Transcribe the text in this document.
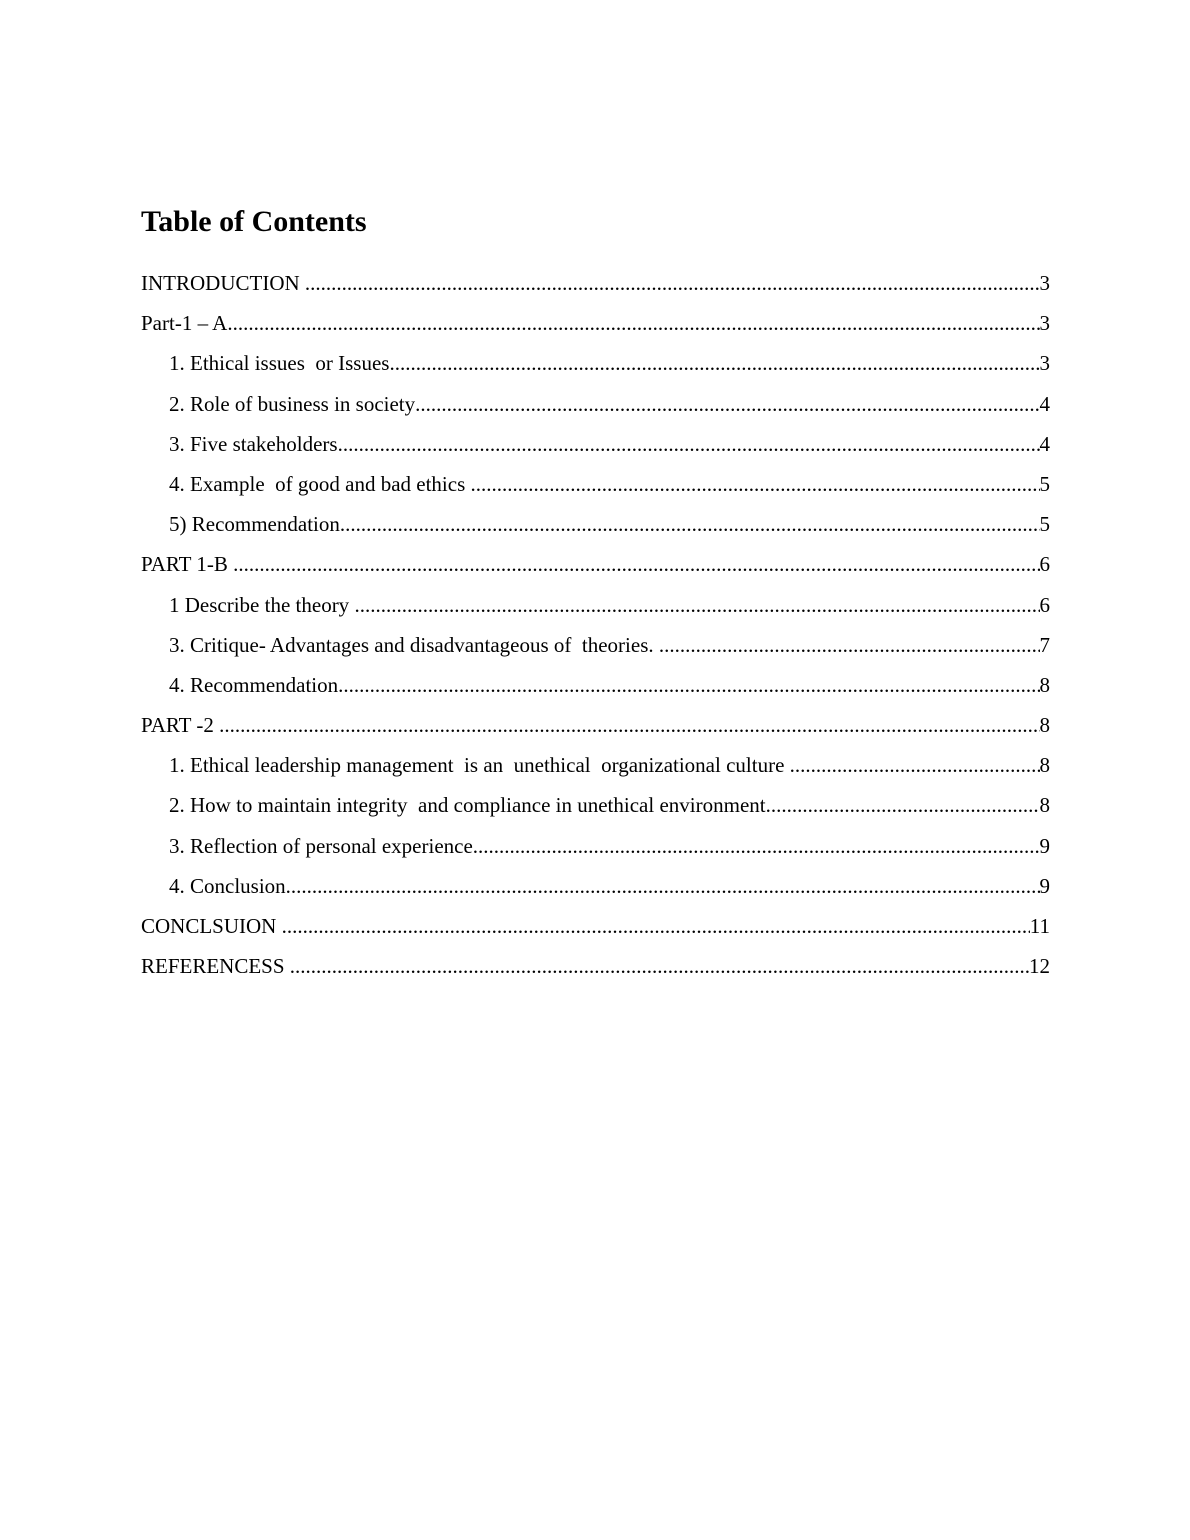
Table of Contents
INTRODUCTION .....	3
Part-1 – A .....	3
1. Ethical issues  or Issues .....	3
2. Role of business in society .....	4
3. Five stakeholders .....	4
4. Example  of good and bad ethics .....	5
5) Recommendation .....	5
PART 1-B .....	6
1 Describe the theory .....	6
3. Critique- Advantages and disadvantageous of  theories. .....	7
4. Recommendation .....	8
PART -2 .....	8
1. Ethical leadership management  is an  unethical  organizational culture .....	8
2. How to maintain integrity  and compliance in unethical environment .....	8
3. Reflection of personal experience .....	9
4. Conclusion .....	9
CONCLSUION .....	11
REFERENCESS .....	12
